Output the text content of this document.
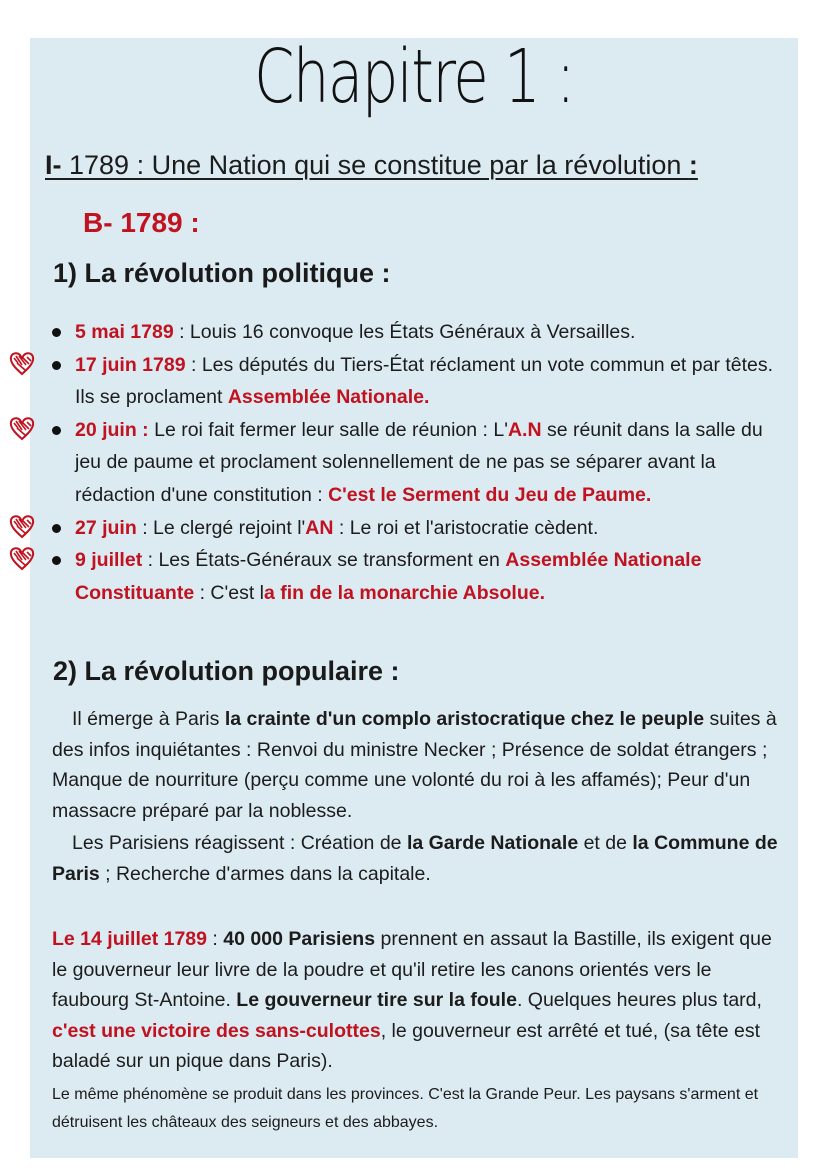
Chapitre 1 :
I- 1789 : Une Nation qui se constitue par la révolution :
B- 1789 :
1) La révolution politique :
5 mai 1789 : Louis 16 convoque les États Généraux à Versailles.
17 juin 1789 : Les députés du Tiers-État réclament un vote commun et par têtes. Ils se proclament Assemblée Nationale.
20 juin : Le roi fait fermer leur salle de réunion : L'A.N se réunit dans la salle du jeu de paume et proclament solennellement de ne pas se séparer avant la rédaction d'une constitution : C'est le Serment du Jeu de Paume.
27 juin : Le clergé rejoint l'AN : Le roi et l'aristocratie cèdent.
9 juillet : Les États-Généraux se transforment en Assemblée Nationale Constituante : C'est la fin de la monarchie Absolue.
2) La révolution populaire :

Il émerge à Paris la crainte d'un complo aristocratique chez le peuple suites à des infos inquiétantes : Renvoi du ministre Necker ; Présence de soldat étrangers ; Manque de nourriture (perçu comme une volonté du roi à les affamés); Peur d'un massacre préparé par la noblesse.

Les Parisiens réagissent : Création de la Garde Nationale et de la Commune de Paris ; Recherche d'armes dans la capitale.

Le 14 juillet 1789 : 40 000 Parisiens prennent en assaut la Bastille, ils exigent que le gouverneur leur livre de la poudre et qu'il retire les canons orientés vers le faubourg St-Antoine. Le gouverneur tire sur la foule. Quelques heures plus tard, c'est une victoire des sans-culottes, le gouverneur est arrêté et tué, (sa tête est baladé sur un pique dans Paris).

Le même phénomène se produit dans les provinces. C'est la Grande Peur. Les paysans s'arment et détruisent les châteaux des seigneurs et des abbayes.
